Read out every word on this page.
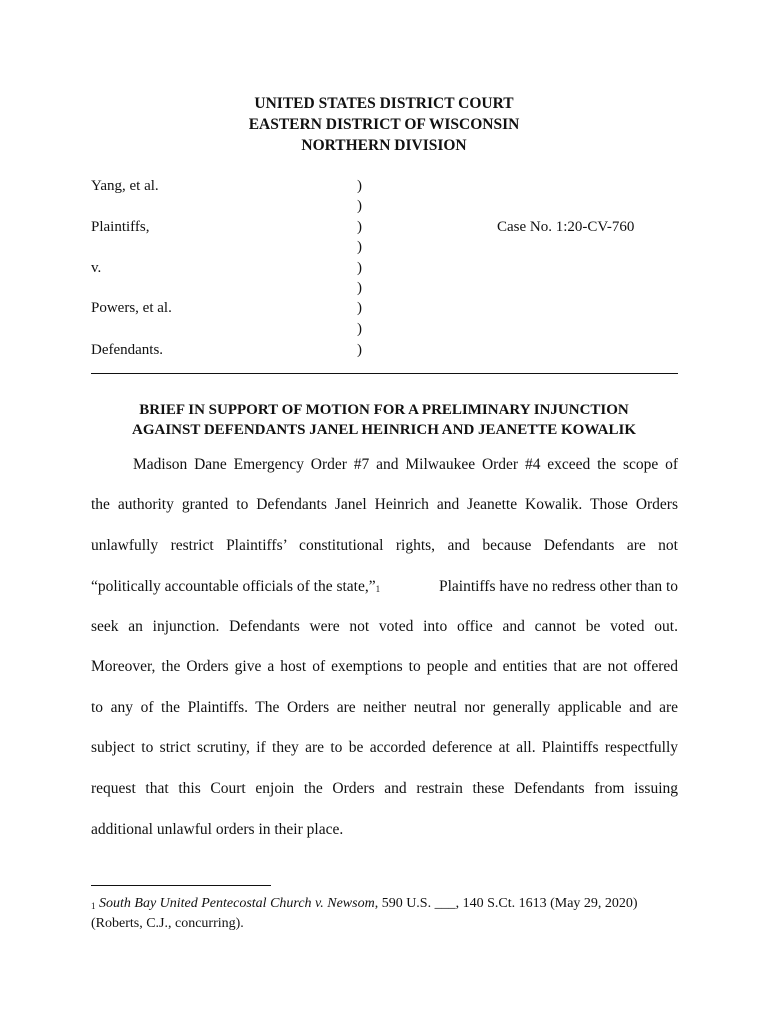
UNITED STATES DISTRICT COURT

EASTERN DISTRICT OF WISCONSIN

NORTHERN DIVISION

Yang, et al.
Plaintiffs,
v.
Powers, et al.
Defendants.
)
)
)
)
)
)
)
)
)
Case No. 1:20-CV-760

BRIEF IN SUPPORT OF MOTION FOR A PRELIMINARY INJUNCTION

AGAINST DEFENDANTS JANEL HEINRICH AND JEANETTE KOWALIK

Madison Dane Emergency Order #7 and Milwaukee Order #4 exceed the scope of

the authority granted to Defendants Janel Heinrich and Jeanette Kowalik. Those Orders

unlawfully restrict Plaintiffs’ constitutional rights, and because Defendants are not

“politically accountable officials of the state,”$^1$	Plaintiffs have no redress other than to

seek an injunction. Defendants were not voted into office and cannot be voted out.

Moreover, the Orders give a host of exemptions to people and entities that are not offered

to any of the Plaintiffs. The Orders are neither neutral nor generally applicable and are

subject to strict scrutiny, if they are to be accorded deference at all. Plaintiffs respectfully

request that this Court enjoin the Orders and restrain these Defendants from issuing

additional unlawful orders in their place.

$^1$ South Bay United Pentecostal Church v. Newsom, 590 U.S. ___, 140 S.Ct. 1613 (May 29, 2020)

(Roberts, C.J., concurring).
